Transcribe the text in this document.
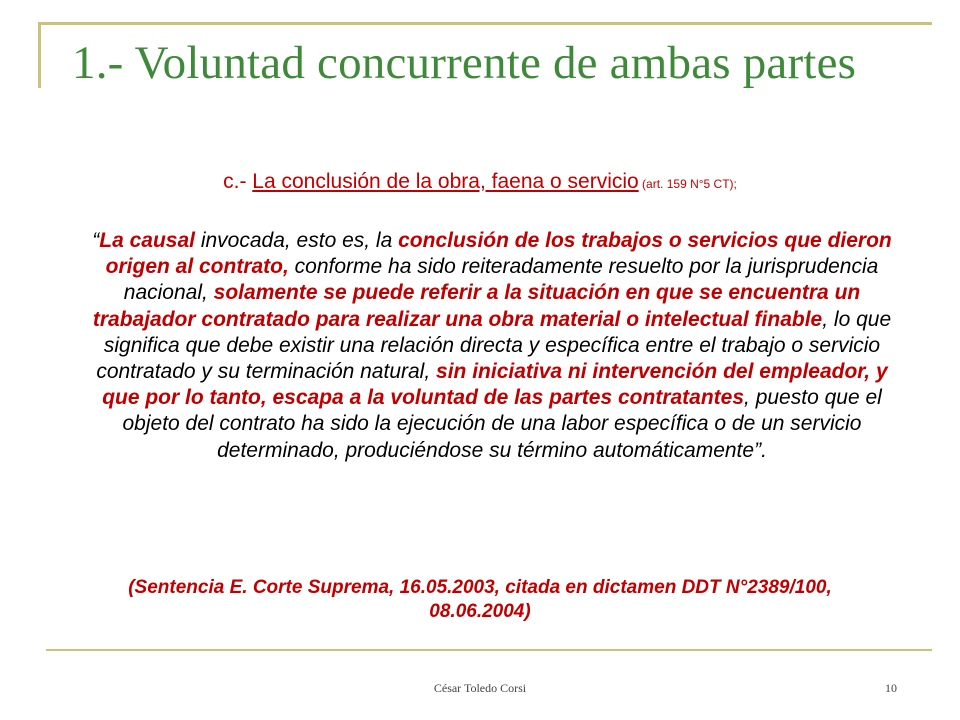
1.- Voluntad concurrente de ambas partes
c.- La conclusión de la obra, faena o servicio (art. 159 N°5 CT);
“La causal invocada, esto es, la conclusión de los trabajos o servicios que dieron origen al contrato, conforme ha sido reiteradamente resuelto por la jurisprudencia nacional, solamente se puede referir a la situación en que se encuentra un trabajador contratado para realizar una obra material o intelectual finable, lo que significa que debe existir una relación directa y específica entre el trabajo o servicio contratado y su terminación natural, sin iniciativa ni intervención del empleador, y que por lo tanto, escapa a la voluntad de las partes contratantes, puesto que el objeto del contrato ha sido la ejecución de una labor específica o de un servicio determinado, produciéndose su término automáticamente”.
(Sentencia E. Corte Suprema, 16.05.2003, citada en dictamen DDT N°2389/100, 08.06.2004)
César Toledo Corsi	10
